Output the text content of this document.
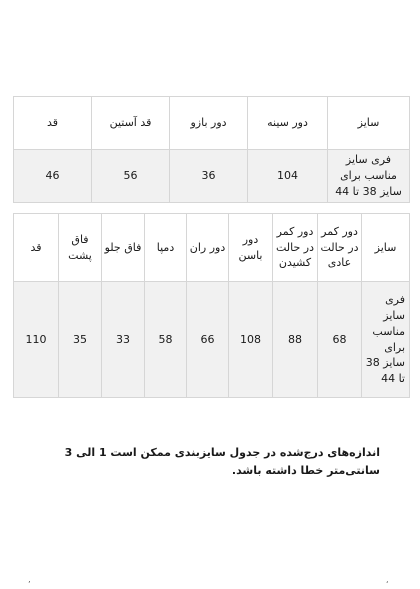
سایز	دور سینه	دور بازو	قد آستین	قد
فری سایز مناسب برای سایز 38 تا 44	104	36	56	46
سایز	دور کمر در حالت عادی	دور کمر در حالت کشیدن	دور باسن	دور ران	دمپا	فاق جلو	فاق پشت	قد
فری سایز مناسب برای سایز 38 تا 44	68	88	108	66	58	33	35	110
اندازه‌های درج‌شده در جدول سایزبندی ممکن است 1 الی 3 سانتی‌متر خطا داشته باشد.
’	‘
